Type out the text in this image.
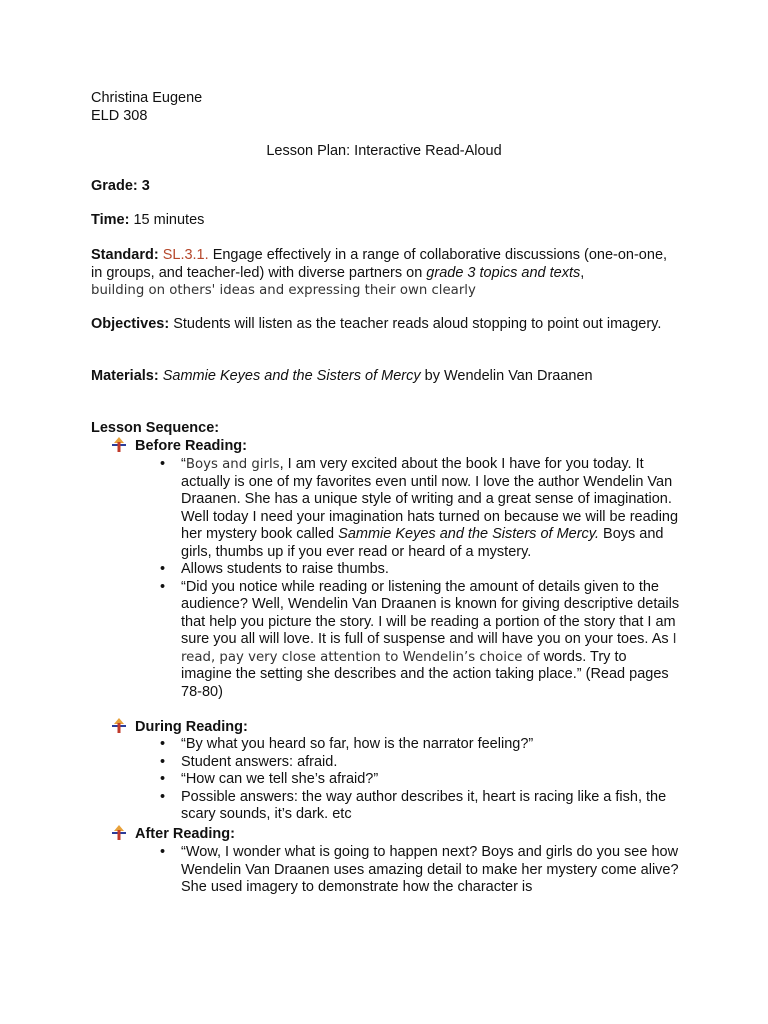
Christina Eugene
ELD 308
Lesson Plan: Interactive Read-Aloud
Grade: 3
Time: 15 minutes
Standard: SL.3.1. Engage effectively in a range of collaborative discussions (one-on-one, in groups, and teacher-led) with diverse partners on grade 3 topics and texts,
building on others' ideas and expressing their own clearly
Objectives: Students will listen as the teacher reads aloud stopping to point out imagery.
Materials: Sammie Keyes and the Sisters of Mercy by Wendelin Van Draanen
Lesson Sequence:
Before Reading:
•	“Boys and girls, I am very excited about the book I have for you today. It actually is one of my favorites even until now. I love the author Wendelin Van Draanen. She has a unique style of writing and a great sense of imagination. Well today I need your imagination hats turned on because we will be reading her mystery book called Sammie Keyes and the Sisters of Mercy. Boys and girls, thumbs up if you ever read or heard of a mystery.
•	Allows students to raise thumbs.
•	“Did you notice while reading or listening the amount of details given to the audience? Well, Wendelin Van Draanen is known for giving descriptive details that help you picture the story. I will be reading a portion of the story that I am sure you all will love. It is full of suspense and will have you on your toes. As I read, pay very close attention to Wendelin’s choice of words. Try to imagine the setting she describes and the action taking place.” (Read pages 78-80)
During Reading:
•	“By what you heard so far, how is the narrator feeling?”
•	Student answers: afraid.
•	“How can we tell she’s afraid?”
•	Possible answers: the way author describes it, heart is racing like a fish, the scary sounds, it’s dark. etc
After Reading:
•	“Wow, I wonder what is going to happen next? Boys and girls do you see how Wendelin Van Draanen uses amazing detail to make her mystery come alive? She used imagery to demonstrate how the character is
